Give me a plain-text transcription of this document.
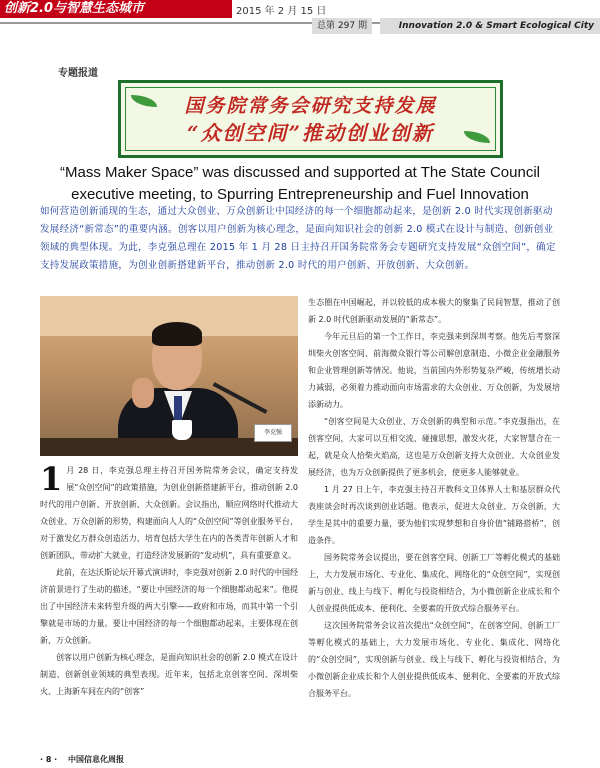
创新2.0与智慧生态城市	2015 年 2 月 15 日
总第 297 期	Innovation 2.0 & Smart Ecological City
专题报道
国务院常务会研究支持发展
“众创空间”推动创业创新
“Mass Maker Space” was discussed and supported at The State Council executive meeting, to Spurring Entrepreneurship and Fuel Innovation
如何营造创新涌现的生态，通过大众创业、万众创新让中国经济的每一个细胞都动起来，是创新 2.0 时代实现创新驱动发展经济“新常态”的重要内涵。创客以用户创新为核心理念，是面向知识社会的创新 2.0 模式在设计与制造、创新创业领域的典型体现。为此，李克强总理在 2015 年 1 月 28 日主持召开国务院常务会专题研究支持发展“众创空间”，确定支持发展政策措施，为创业创新搭建新平台，推动创新 2.0 时代的用户创新、开放创新、大众创新。
李克强
1 月 28 日，李克强总理主持召开国务院常务会议，确定支持发展“众创空间”的政策措施，为创业创新搭建新平台，推动创新 2.0 时代的用户创新、开放创新、大众创新。会议指出，顺应网络时代推动大众创业、万众创新的形势，构建面向人人的“众创空间”等创业服务平台，对于激发亿万群众创造活力、培育包括大学生在内的各类青年创新人才和创新团队，带动扩大就业，打造经济发展新的“发动机”，具有重要意义。

此前，在达沃斯论坛开幕式演讲时，李克强对创新 2.0 时代的中国经济前景进行了生动的描述，“要让中国经济的每一个细胞都动起来”。他提出了中国经济未来转型升级的两大引擎——政府和市场，而其中第一个引擎就是市场的力量。要让中国经济的每一个细胞都动起来，主要体现在创新，万众创新。

创客以用户创新为核心理念，是面向知识社会的创新 2.0 模式在设计制造、创新创业领域的典型表现。近年来，包括北京创客空间、深圳柴火、上海新车间在内的“创客”

生态圈在中国崛起，并以较低的成本极大的聚集了民间智慧，推动了创新 2.0 时代创新驱动发展的“新常态”。

今年元旦后的第一个工作日，李克强来到深圳考察。他先后考察深圳柴火创客空间、前海微众银行等公司解创意制造、小微企业金融服务和企业管理创新等情况。他说，当前国内外形势复杂严峻，传统增长动力减弱，必须着力推动面向市场需求的大众创业、万众创新，为发展培添新动力。

“创客空间是大众创业、万众创新的典型和示范。”李克强指出，在创客空间，大家可以互相交流、碰撞思想，激发火花，大家智慧合在一起，就是众人拾柴火焰高，这也是万众创新支持大众创业、大众创业发展经济，也为万众创新提供了更多机会，使更多人能够就业。

1 月 27 日上午，李克强主持召开教科文卫体界人士和基层群众代表座谈会时再次谈到创业话题。他表示，促进大众创业、万众创新，大学生是其中的重要力量，要为他们实现梦想和自身价值“铺路搭桥”，创造条件。

国务院常务会议提出，要在创客空间、创新工厂等孵化模式的基础上，大力发展市场化、专业化、集成化、网络化的“众创空间”，实现创新与创业、线上与线下、孵化与投资相结合，为小微创新企业成长和个人创业提供低成本、便利化、全要素的开放式综合服务平台。

这次国务院常务会议首次提出“众创空间”，在创客空间、创新工厂等孵化模式的基础上，大力发展市场化、专业化、集成化、网络化的“众创空间”，实现创新与创业、线上与线下、孵化与投资相结合，为小微创新企业成长和个人创业提供低成本、便利化、全要素的开放式综合服务平台。

· 8 · 中国信息化周报
